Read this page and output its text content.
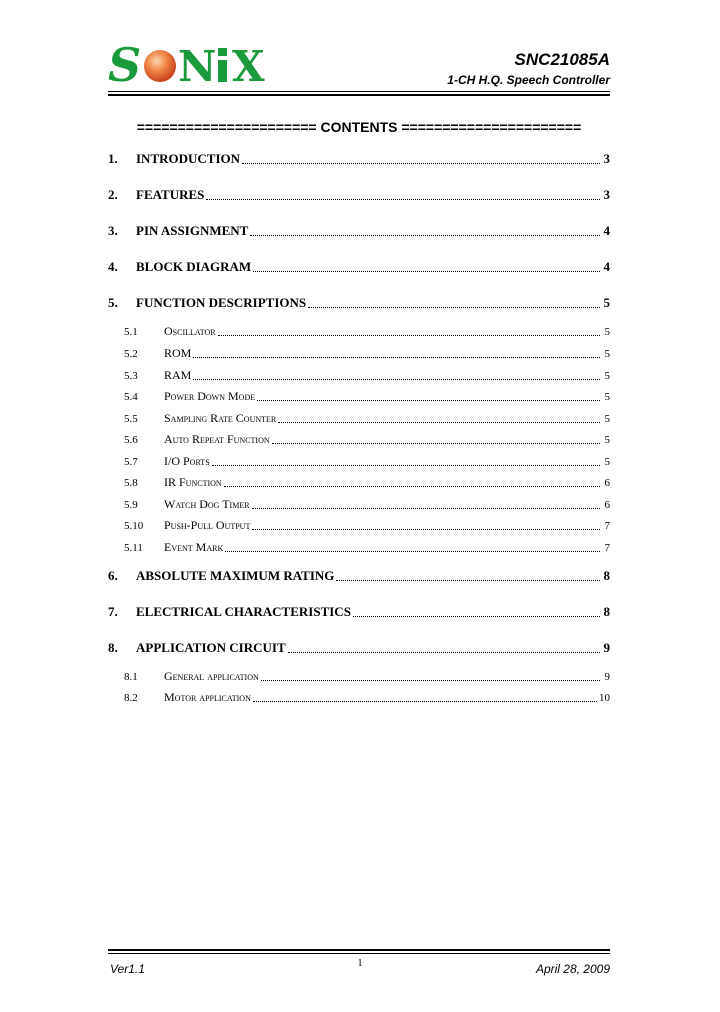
S N X	SNC21085A
1-CH H.Q. Speech Controller
====================== CONTENTS ======================
1.	INTRODUCTION	3
2.	FEATURES	3
3.	PIN ASSIGNMENT	4
4.	BLOCK DIAGRAM	4
5.	FUNCTION DESCRIPTIONS	5
5.1	Oscillator	5
5.2	ROM	5
5.3	RAM	5
5.4	Power Down Mode	5
5.5	Sampling Rate Counter	5
5.6	Auto Repeat Function	5
5.7	I/O Ports	5
5.8	IR Function	6
5.9	Watch Dog Timer	6
5.10	Push-Pull Output	7
5.11	Event Mark	7
6.	ABSOLUTE MAXIMUM RATING	8
7.	ELECTRICAL CHARACTERISTICS	8
8.	APPLICATION CIRCUIT	9
8.1	General application	9
8.2	Motor application	10
Ver1.1	1	April 28, 2009
